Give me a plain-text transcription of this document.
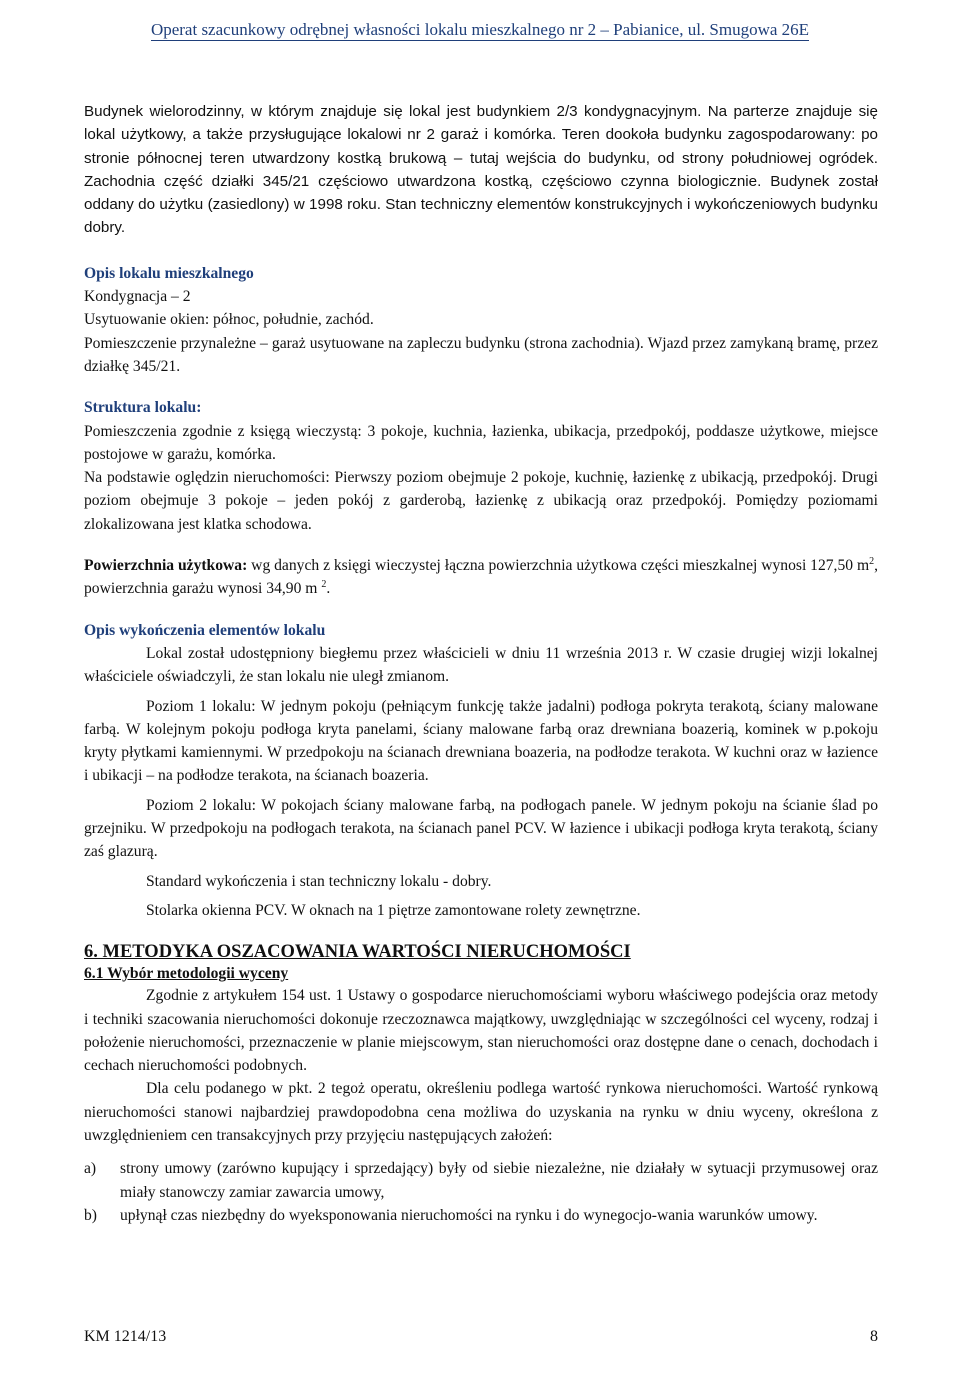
Operat szacunkowy odrębnej własności lokalu mieszkalnego nr 2 – Pabianice, ul. Smugowa 26E

Budynek wielorodzinny, w którym znajduje się lokal jest budynkiem 2/3 kondygnacyjnym. Na parterze znajduje się lokal użytkowy, a także przysługujące lokalowi nr 2 garaż i komórka. Teren dookoła budynku zagospodarowany: po stronie północnej teren utwardzony kostką brukową – tutaj wejścia do budynku, od strony południowej ogródek. Zachodnia część działki 345/21 częściowo utwardzona kostką, częściowo czynna biologicznie. Budynek został oddany do użytku (zasiedlony) w 1998 roku. Stan techniczny elementów konstrukcyjnych i wykończeniowych budynku dobry.

Opis lokalu mieszkalnego

Kondygnacja – 2

Usytuowanie okien: północ, południe, zachód.

Pomieszczenie przynależne – garaż usytuowane na zapleczu budynku (strona zachodnia). Wjazd przez zamykaną bramę, przez działkę 345/21.

Struktura lokalu:

Pomieszczenia zgodnie z księgą wieczystą: 3 pokoje, kuchnia, łazienka, ubikacja, przedpokój, poddasze użytkowe, miejsce postojowe w garażu, komórka.

Na podstawie oględzin nieruchomości: Pierwszy poziom obejmuje 2 pokoje, kuchnię, łazienkę z ubikacją, przedpokój. Drugi poziom obejmuje 3 pokoje – jeden pokój z garderobą, łazienkę z ubikacją oraz przedpokój. Pomiędzy poziomami zlokalizowana jest klatka schodowa.

Powierzchnia użytkowa: wg danych z księgi wieczystej łączna powierzchnia użytkowa części mieszkalnej wynosi 127,50 $m^2$, powierzchnia garażu wynosi 34,90 m $^2$.

Opis wykończenia elementów lokalu

Lokal został udostępniony biegłemu przez właścicieli w dniu 11 września 2013 r. W czasie drugiej wizji lokalnej właściciele oświadczyli, że stan lokalu nie uległ zmianom.

Poziom 1 lokalu: W jednym pokoju (pełniącym funkcję także jadalni) podłoga pokryta terakotą, ściany malowane farbą. W kolejnym pokoju podłoga kryta panelami, ściany malowane farbą oraz drewniana boazerią, kominek w p.pokoju kryty płytkami kamiennymi. W przedpokoju na ścianach drewniana boazeria, na podłodze terakota. W kuchni oraz w łazience i ubikacji – na podłodze terakota, na ścianach boazeria.

Poziom 2 lokalu: W pokojach ściany malowane farbą, na podłogach panele. W jednym pokoju na ścianie ślad po grzejniku. W przedpokoju na podłogach terakota, na ścianach panel PCV. W łazience i ubikacji podłoga kryta terakotą, ściany zaś glazurą.

Standard wykończenia i stan techniczny lokalu - dobry.

Stolarka okienna PCV. W oknach na 1 piętrze zamontowane rolety zewnętrzne.

6. METODYKA OSZACOWANIA WARTOŚCI NIERUCHOMOŚCI

6.1 Wybór metodologii wyceny

Zgodnie z artykułem 154 ust. 1 Ustawy o gospodarce nieruchomościami wyboru właściwego podejścia oraz metody i techniki szacowania nieruchomości dokonuje rzeczoznawca majątkowy, uwzględniając w szczególności cel wyceny, rodzaj i położenie nieruchomości, przeznaczenie w planie miejscowym, stan nieruchomości oraz dostępne dane o cenach, dochodach i cechach nieruchomości podobnych.

Dla celu podanego w pkt. 2 tegoż operatu, określeniu podlega wartość rynkowa nieruchomości. Wartość rynkową nieruchomości stanowi najbardziej prawdopodobna cena możliwa do uzyskania na rynku w dniu wyceny, określona z uwzględnieniem cen transakcyjnych przy przyjęciu następujących założeń:

a) strony umowy (zarówno kupujący i sprzedający) były od siebie niezależne, nie działały w sytuacji przymusowej oraz miały stanowczy zamiar zawarcia umowy,
b) upłynął czas niezbędny do wyeksponowania nieruchomości na rynku i do wynegocjo-wania warunków umowy.
KM 1214/13	8
